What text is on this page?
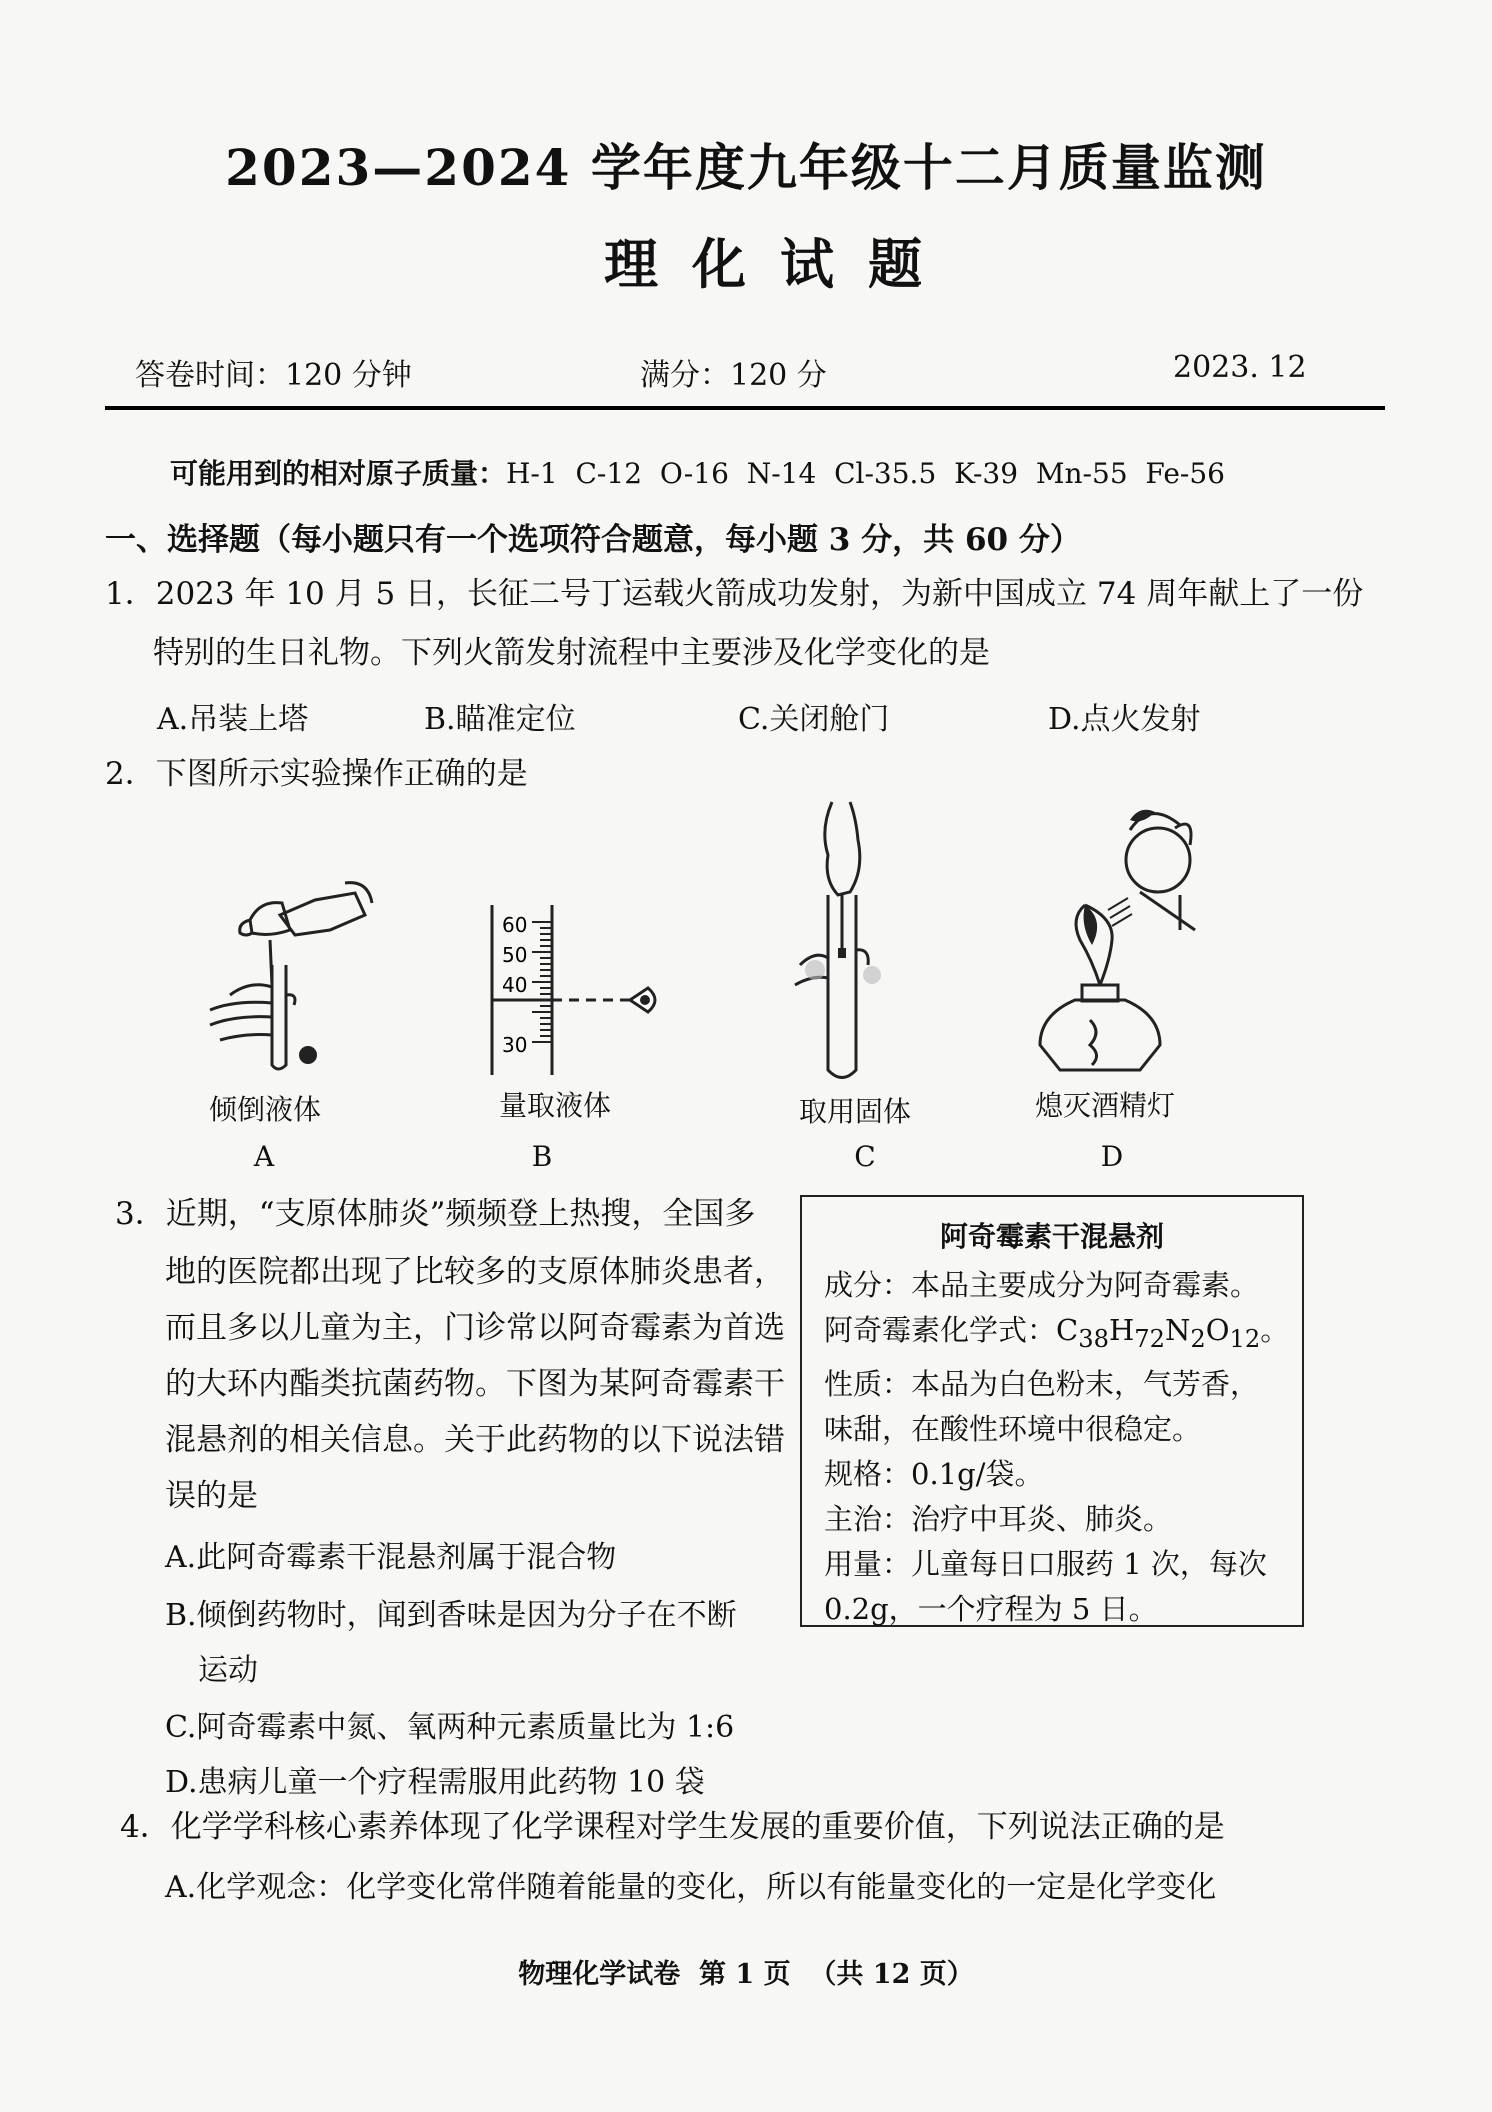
2023—2024 学年度九年级十二月质量监测
理化试题
答卷时间：120 分钟	满分：120 分	2023. 12
可能用到的相对原子质量：H-1  C-12  O-16  N-14  Cl-35.5  K-39  Mn-55  Fe-56
一、选择题（每小题只有一个选项符合题意，每小题 3 分，共 60 分）
1．2023 年 10 月 5 日，长征二号丁运载火箭成功发射，为新中国成立 74 周年献上了一份
特别的生日礼物。下列火箭发射流程中主要涉及化学变化的是
A.吊装上塔	B.瞄准定位	C.关闭舱门	D.点火发射
2．下图所示实验操作正确的是
倾倒液体
A
60
50
40
30
量取液体
B
取用固体
C
熄灭酒精灯
D
3．近期，“支原体肺炎”频频登上热搜，全国多
地的医院都出现了比较多的支原体肺炎患者，
而且多以儿童为主，门诊常以阿奇霉素为首选
的大环内酯类抗菌药物。下图为某阿奇霉素干
混悬剂的相关信息。关于此药物的以下说法错
误的是
A.此阿奇霉素干混悬剂属于混合物
B.倾倒药物时，闻到香味是因为分子在不断
运动
C.阿奇霉素中氮、氧两种元素质量比为 1:6
D.患病儿童一个疗程需服用此药物 10 袋
阿奇霉素干混悬剂
成分：本品主要成分为阿奇霉素。
阿奇霉素化学式：$C_{38}H_{72}N_2O_{12}$。
性质：本品为白色粉末，气芳香，
味甜，在酸性环境中很稳定。
规格：0.1g/袋。
主治：治疗中耳炎、肺炎。
用量：儿童每日口服药 1 次，每次
0.2g，一个疗程为 5 日。
4．化学学科核心素养体现了化学课程对学生发展的重要价值，下列说法正确的是
A.化学观念：化学变化常伴随着能量的变化，所以有能量变化的一定是化学变化
物理化学试卷  第 1 页  （共 12 页）
